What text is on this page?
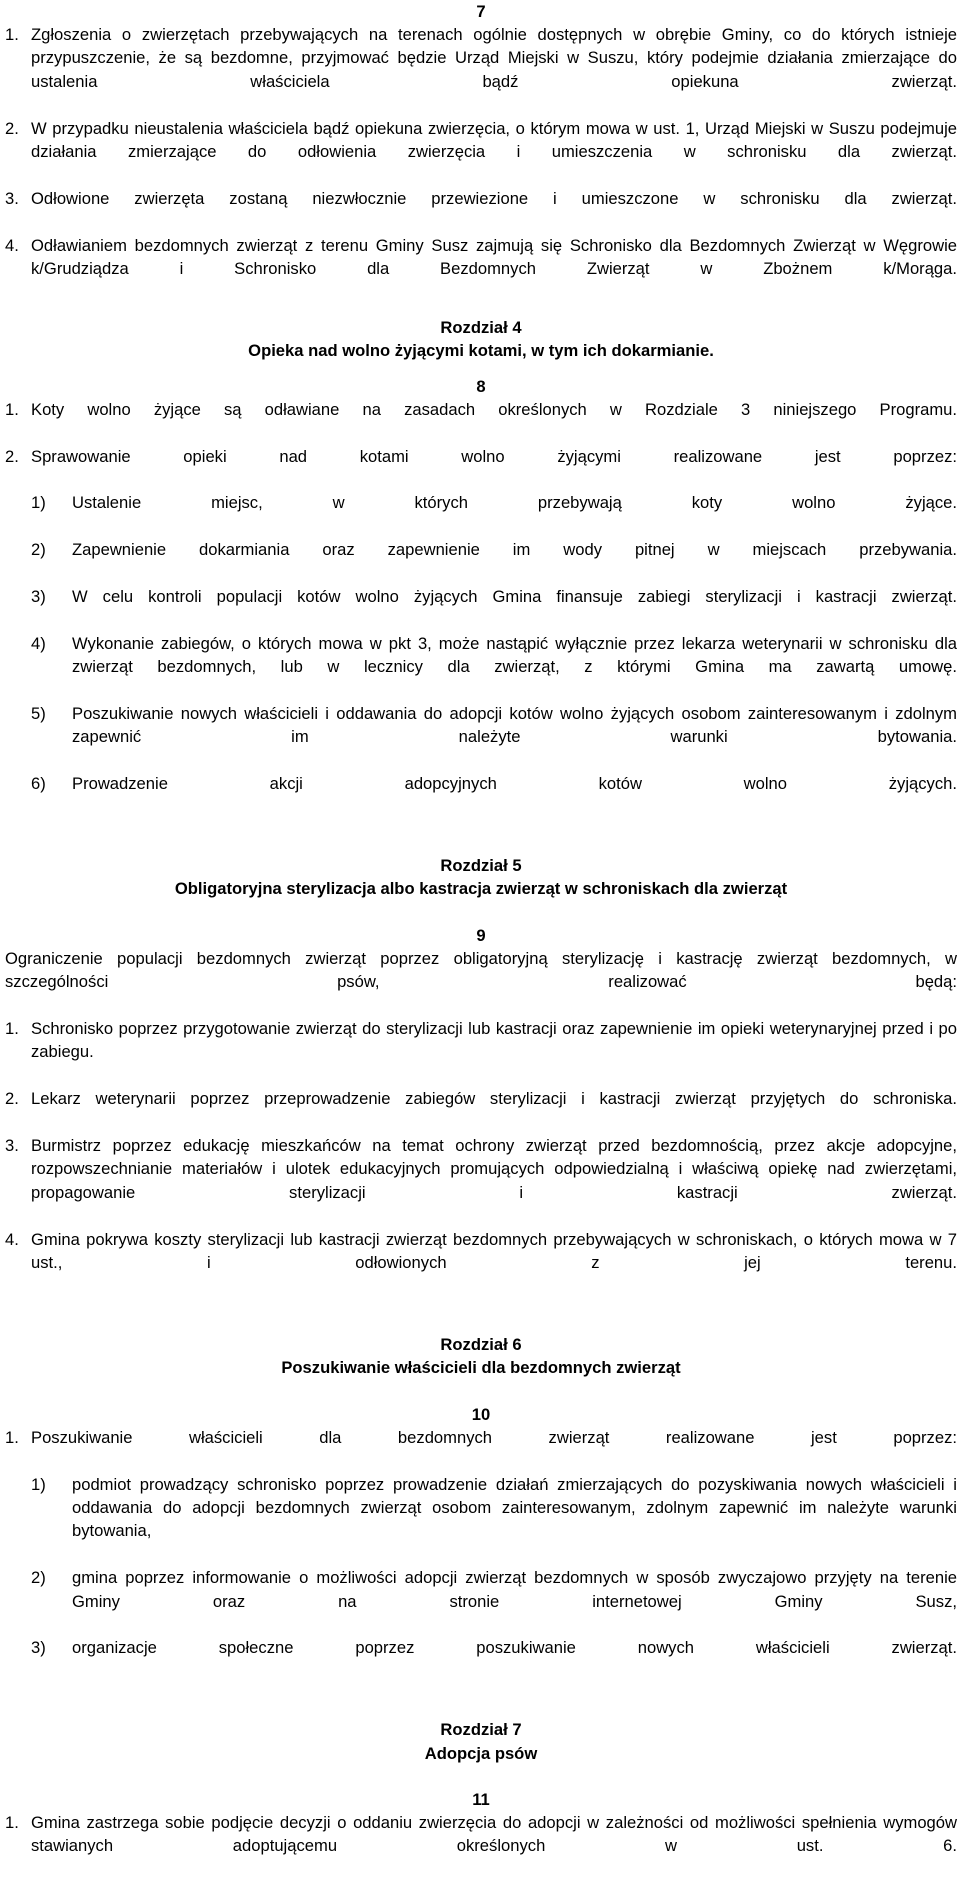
7

1. Zgłoszenia o zwierzętach przebywających na terenach ogólnie dostępnych w obrębie Gminy, co do których istnieje przypuszczenie, że są bezdomne, przyjmować będzie Urząd Miejski w Suszu, który podejmie działania zmierzające do ustalenia właściciela bądź opiekuna zwierząt.
2. W przypadku nieustalenia właściciela bądź opiekuna zwierzęcia, o którym mowa w ust. 1, Urząd Miejski w Suszu podejmuje działania zmierzające do odłowienia zwierzęcia i umieszczenia w schronisku dla zwierząt.
3. Odłowione zwierzęta zostaną niezwłocznie przewiezione i umieszczone w schronisku dla zwierząt.
4. Odławianiem bezdomnych zwierząt z terenu Gminy Susz zajmują się Schronisko dla Bezdomnych Zwierząt w Węgrowie k/Grudziądza i Schronisko dla Bezdomnych Zwierząt w Zbożnem k/Morąga.

Rozdział 4

Opieka nad wolno żyjącymi kotami, w tym ich dokarmianie.

8

1. Koty wolno żyjące są odławiane na zasadach określonych w Rozdziale 3 niniejszego Programu.
2. Sprawowanie opieki nad kotami wolno żyjącymi realizowane jest poprzez:
1)	Ustalenie miejsc, w których przebywają koty wolno żyjące.
2)	Zapewnienie dokarmiania oraz zapewnienie im wody pitnej w miejscach przebywania.
3)	W celu kontroli populacji kotów wolno żyjących Gmina finansuje zabiegi sterylizacji i kastracji zwierząt.
4)	Wykonanie zabiegów, o których mowa w pkt 3, może nastąpić wyłącznie przez lekarza weterynarii w schronisku dla zwierząt bezdomnych, lub w lecznicy dla zwierząt, z którymi Gmina ma zawartą umowę.
5)	Poszukiwanie nowych właścicieli i oddawania do adopcji kotów wolno żyjących osobom zainteresowanym i zdolnym zapewnić im należyte warunki bytowania.
6)	Prowadzenie akcji adopcyjnych kotów wolno żyjących.

Rozdział 5

Obligatoryjna sterylizacja albo kastracja zwierząt w schroniskach dla zwierząt

9

Ograniczenie populacji bezdomnych zwierząt poprzez obligatoryjną sterylizację i kastrację zwierząt bezdomnych, w szczególności psów, realizować będą:

1. Schronisko poprzez przygotowanie zwierząt do sterylizacji lub kastracji oraz zapewnienie im opieki weterynaryjnej przed i po zabiegu.
2. Lekarz weterynarii poprzez przeprowadzenie zabiegów sterylizacji i kastracji zwierząt przyjętych do schroniska.
3. Burmistrz poprzez edukację mieszkańców na temat ochrony zwierząt przed bezdomnością, przez akcje adopcyjne, rozpowszechnianie materiałów i ulotek edukacyjnych promujących odpowiedzialną i właściwą opiekę nad zwierzętami, propagowanie sterylizacji i kastracji zwierząt.
4. Gmina pokrywa koszty sterylizacji lub kastracji zwierząt bezdomnych przebywających w schroniskach, o których mowa w 7 ust., i odłowionych z jej terenu.

Rozdział 6

Poszukiwanie właścicieli dla bezdomnych zwierząt

10

1. Poszukiwanie właścicieli dla bezdomnych zwierząt realizowane jest poprzez:
1)	podmiot prowadzący schronisko poprzez prowadzenie działań zmierzających do pozyskiwania nowych właścicieli i oddawania do adopcji bezdomnych zwierząt osobom zainteresowanym, zdolnym zapewnić im należyte warunki bytowania,
2)	gmina poprzez informowanie o możliwości adopcji zwierząt bezdomnych w sposób zwyczajowo przyjęty na terenie Gminy oraz na stronie internetowej Gminy Susz,
3)	organizacje społeczne poprzez poszukiwanie nowych właścicieli zwierząt.

Rozdział 7

Adopcja psów

11

1. Gmina zastrzega sobie podjęcie decyzji o oddaniu zwierzęcia do adopcji w zależności od możliwości spełnienia wymogów stawianych adoptującemu określonych w ust. 6.
